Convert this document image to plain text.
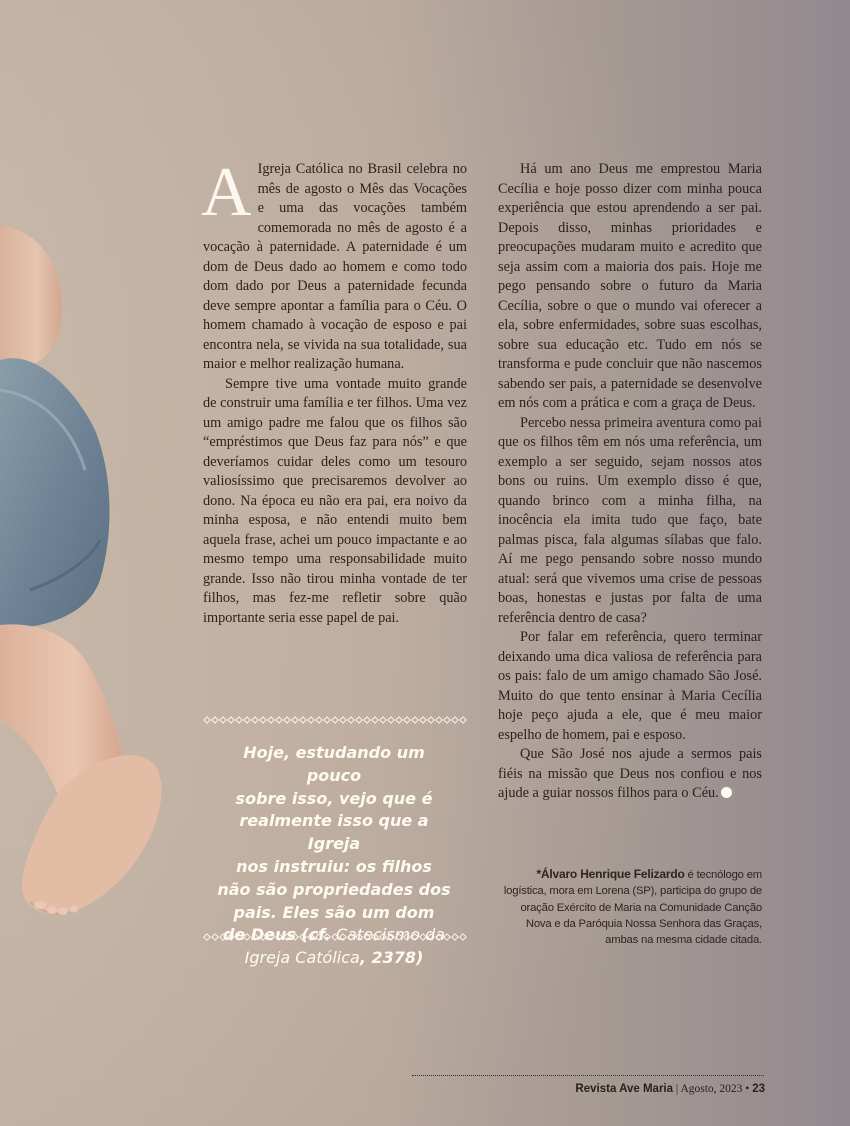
A Igreja Católica no Brasil celebra no mês de agosto o Mês das Vocações e uma das vocações também comemorada no mês de agosto é a vocação à paternidade. A paternidade é um dom de Deus dado ao homem e como todo dom dado por Deus a paternidade fecunda deve sempre apontar a família para o Céu. O homem chamado à vocação de esposo e pai encontra nela, se vivida na sua totalidade, sua maior e melhor realização humana.

Sempre tive uma vontade muito grande de construir uma família e ter filhos. Uma vez um amigo padre me falou que os filhos são “empréstimos que Deus faz para nós” e que deveríamos cuidar deles como um tesouro valiosíssimo que precisaremos devolver ao dono. Na época eu não era pai, era noivo da minha esposa, e não entendi muito bem aquela frase, achei um pouco impactante e ao mesmo tempo uma responsabilidade muito grande. Isso não tirou minha vontade de ter filhos, mas fez-me refletir sobre quão importante seria esse papel de pai.

Hoje, estudando um pouco
sobre isso, vejo que é
realmente isso que a Igreja
nos instruiu: os filhos
não são propriedades dos
pais. Eles são um dom
Igreja Católica, 2378)

Há um ano Deus me emprestou Maria Cecília e hoje posso dizer com minha pouca experiência que estou aprendendo a ser pai. Depois disso, minhas prioridades e preocupações mudaram muito e acredito que seja assim com a maioria dos pais. Hoje me pego pensando sobre o futuro da Maria Cecília, sobre o que o mundo vai oferecer a ela, sobre enfermidades, sobre suas escolhas, sobre sua educação etc. Tudo em nós se transforma e pude concluir que não nascemos sabendo ser pais, a paternidade se desenvolve em nós com a prática e com a graça de Deus.

Percebo nessa primeira aventura como pai que os filhos têm em nós uma referência, um exemplo a ser seguido, sejam nossos atos bons ou ruins. Um exemplo disso é que, quando brinco com a minha filha, na inocência ela imita tudo que faço, bate palmas pisca, fala algumas sílabas que falo. Aí me pego pensando sobre nosso mundo atual: será que vivemos uma crise de pessoas boas, honestas e justas por falta de uma referência dentro de casa?

Por falar em referência, quero terminar deixando uma dica valiosa de referência para os pais: falo de um amigo chamado São José. Muito do que tento ensinar à Maria Cecília hoje peço ajuda a ele, que é meu maior espelho de homem, pai e esposo.

Que São José nos ajude a sermos pais fiéis na missão que Deus nos confiou e nos ajude a guiar nossos filhos para o Céu.

*Álvaro Henrique Felizardo é tecnólogo em logística, mora em Lorena (SP), participa do grupo de oração Exército de Maria na Comunidade Canção Nova e da Paróquia Nossa Senhora das Graças, ambas na mesma cidade citada.
Revista Ave Maria | Agosto, 2023 • 23
